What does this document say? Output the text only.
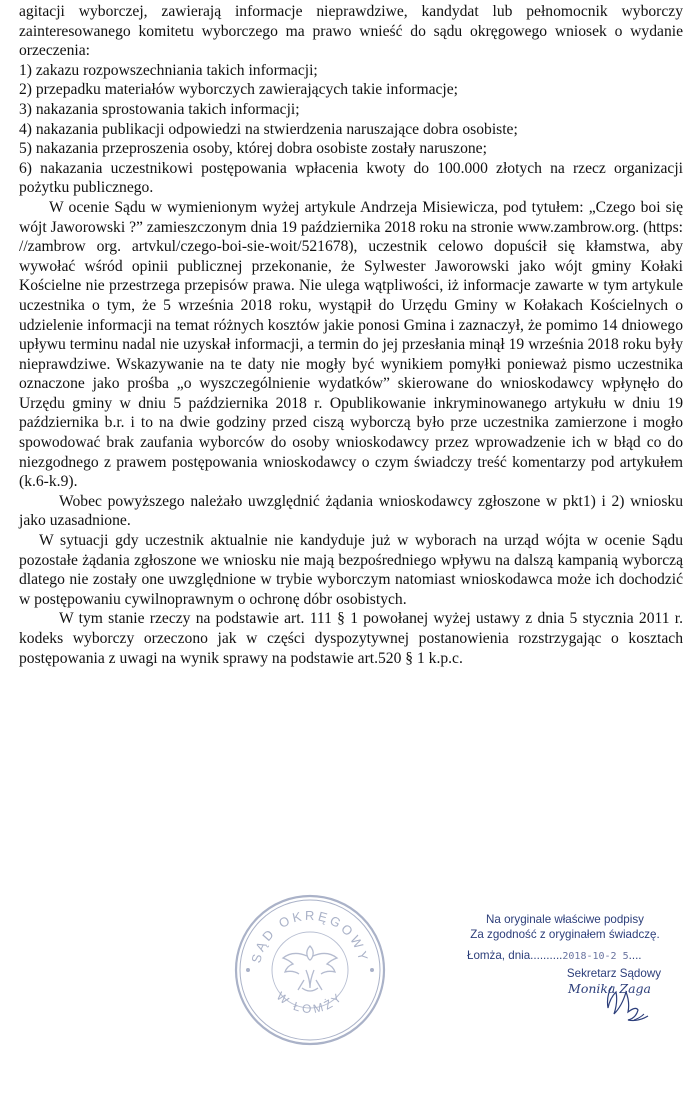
agitacji wyborczej, zawierają informacje nieprawdziwe, kandydat lub pełnomocnik wyborczy zainteresowanego komitetu wyborczego ma prawo wnieść do sądu okręgowego wniosek o wydanie orzeczenia:

1) zakazu rozpowszechniania takich informacji;

2) przepadku materiałów wyborczych zawierających takie informacje;

3) nakazania sprostowania takich informacji;

4) nakazania publikacji odpowiedzi na stwierdzenia naruszające dobra osobiste;

5) nakazania przeproszenia osoby, której dobra osobiste zostały naruszone;

6) nakazania uczestnikowi postępowania wpłacenia kwoty do 100.000 złotych na rzecz organizacji pożytku publicznego.

W ocenie Sądu w wymienionym wyżej artykule Andrzeja Misiewicza, pod tytułem: „Czego boi się wójt Jaworowski ?” zamieszczonym dnia 19 października 2018 roku na stronie www.zambrow.org. (https: //zambrow org. artvkul/czego-boi-sie-woit/521678), uczestnik celowo dopuścił się kłamstwa, aby wywołać wśród opinii publicznej przekonanie, że Sylwester Jaworowski jako wójt gminy Kołaki Kościelne nie przestrzega przepisów prawa. Nie ulega wątpliwości, iż informacje zawarte w tym artykule uczestnika o tym, że 5 września 2018 roku, wystąpił do Urzędu Gminy w Kołakach Kościelnych o udzielenie informacji na temat różnych kosztów jakie ponosi Gmina i zaznaczył, że pomimo 14 dniowego upływu terminu nadal nie uzyskał informacji, a termin do jej przesłania minął 19 września 2018 roku były nieprawdziwe. Wskazywanie na te daty nie mogły być wynikiem pomyłki ponieważ pismo uczestnika oznaczone jako prośba „o wyszczególnienie wydatków” skierowane do wnioskodawcy wpłynęło do Urzędu gminy w dniu 5 października 2018 r. Opublikowanie inkryminowanego artykułu w dniu 19 października b.r. i to na dwie godziny przed ciszą wyborczą było prze uczestnika zamierzone i mogło spowodować brak zaufania wyborców do osoby wnioskodawcy przez wprowadzenie ich w błąd co do niezgodnego z prawem postępowania wnioskodawcy o czym świadczy treść komentarzy pod artykułem (k.6-k.9).

Wobec powyższego należało uwzględnić żądania wnioskodawcy zgłoszone w pkt1) i 2) wniosku jako uzasadnione.

W sytuacji gdy uczestnik aktualnie nie kandyduje już w wyborach na urząd wójta w ocenie Sądu pozostałe żądania zgłoszone we wniosku nie mają bezpośredniego wpływu na dalszą kampanią wyborczą dlatego nie zostały one uwzględnione w trybie wyborczym natomiast wnioskodawca może ich dochodzić w postępowaniu cywilnoprawnym o ochronę dóbr osobistych.

W tym stanie rzeczy na podstawie art. 111 § 1 powołanej wyżej ustawy z dnia 5 stycznia 2011 r. kodeks wyborczy orzeczono jak w części dyspozytywnej postanowienia rozstrzygając o kosztach postępowania z uwagi na wynik sprawy na podstawie art.520 § 1 k.p.c.

SĄD OKRĘGOWY
W ŁOMŻY
Na oryginale właściwe podpisy
Za zgodność z oryginałem świadczę.
Łomża, dnia..........2018-10-2 5....
Sekretarz Sądowy
Monika Zaga
